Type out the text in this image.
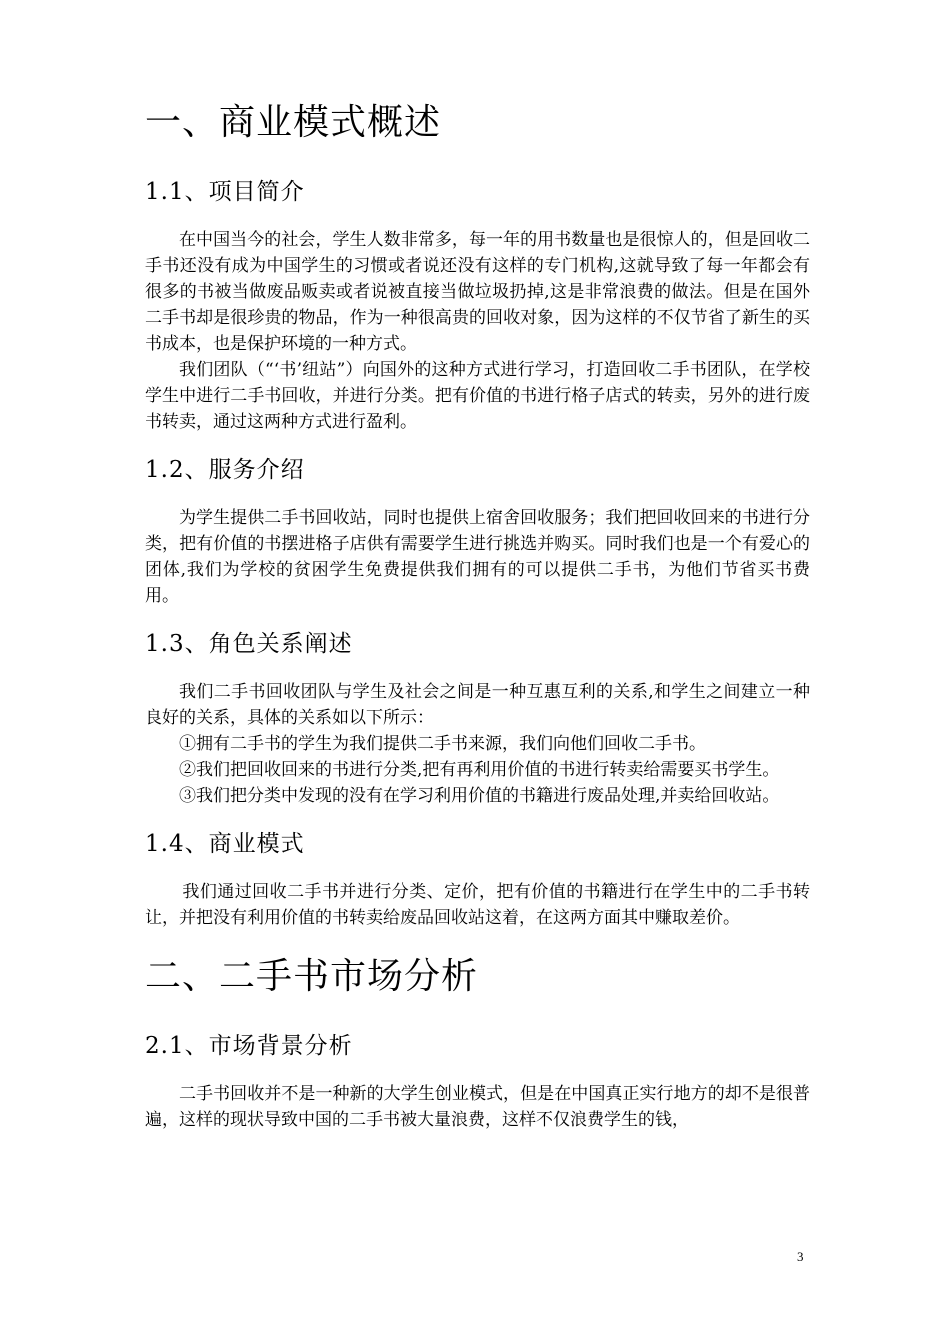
一、商业模式概述
1.1、项目简介

在中国当今的社会，学生人数非常多，每一年的用书数量也是很惊人的，但是回收二手书还没有成为中国学生的习惯或者说还没有这样的专门机构,这就导致了每一年都会有很多的书被当做废品贩卖或者说被直接当做垃圾扔掉,这是非常浪费的做法。但是在国外二手书却是很珍贵的物品，作为一种很高贵的回收对象，因为这样的不仅节省了新生的买书成本，也是保护环境的一种方式。

我们团队（“‘书’纽站”）向国外的这种方式进行学习，打造回收二手书团队，在学校学生中进行二手书回收，并进行分类。把有价值的书进行格子店式的转卖，另外的进行废书转卖，通过这两种方式进行盈利。

1.2、服务介绍

为学生提供二手书回收站，同时也提供上宿舍回收服务；我们把回收回来的书进行分类，把有价值的书摆进格子店供有需要学生进行挑选并购买。同时我们也是一个有爱心的团体,我们为学校的贫困学生免费提供我们拥有的可以提供二手书，为他们节省买书费用。

1.3、角色关系阐述

我们二手书回收团队与学生及社会之间是一种互惠互利的关系,和学生之间建立一种良好的关系，具体的关系如以下所示：

①拥有二手书的学生为我们提供二手书来源，我们向他们回收二手书。

②我们把回收回来的书进行分类,把有再利用价值的书进行转卖给需要买书学生。

③我们把分类中发现的没有在学习利用价值的书籍进行废品处理,并卖给回收站。

1.4、商业模式

我们通过回收二手书并进行分类、定价，把有价值的书籍进行在学生中的二手书转让，并把没有利用价值的书转卖给废品回收站这着，在这两方面其中赚取差价。

二、二手书市场分析
2.1、市场背景分析

二手书回收并不是一种新的大学生创业模式，但是在中国真正实行地方的却不是很普遍，这样的现状导致中国的二手书被大量浪费，这样不仅浪费学生的钱，

3
